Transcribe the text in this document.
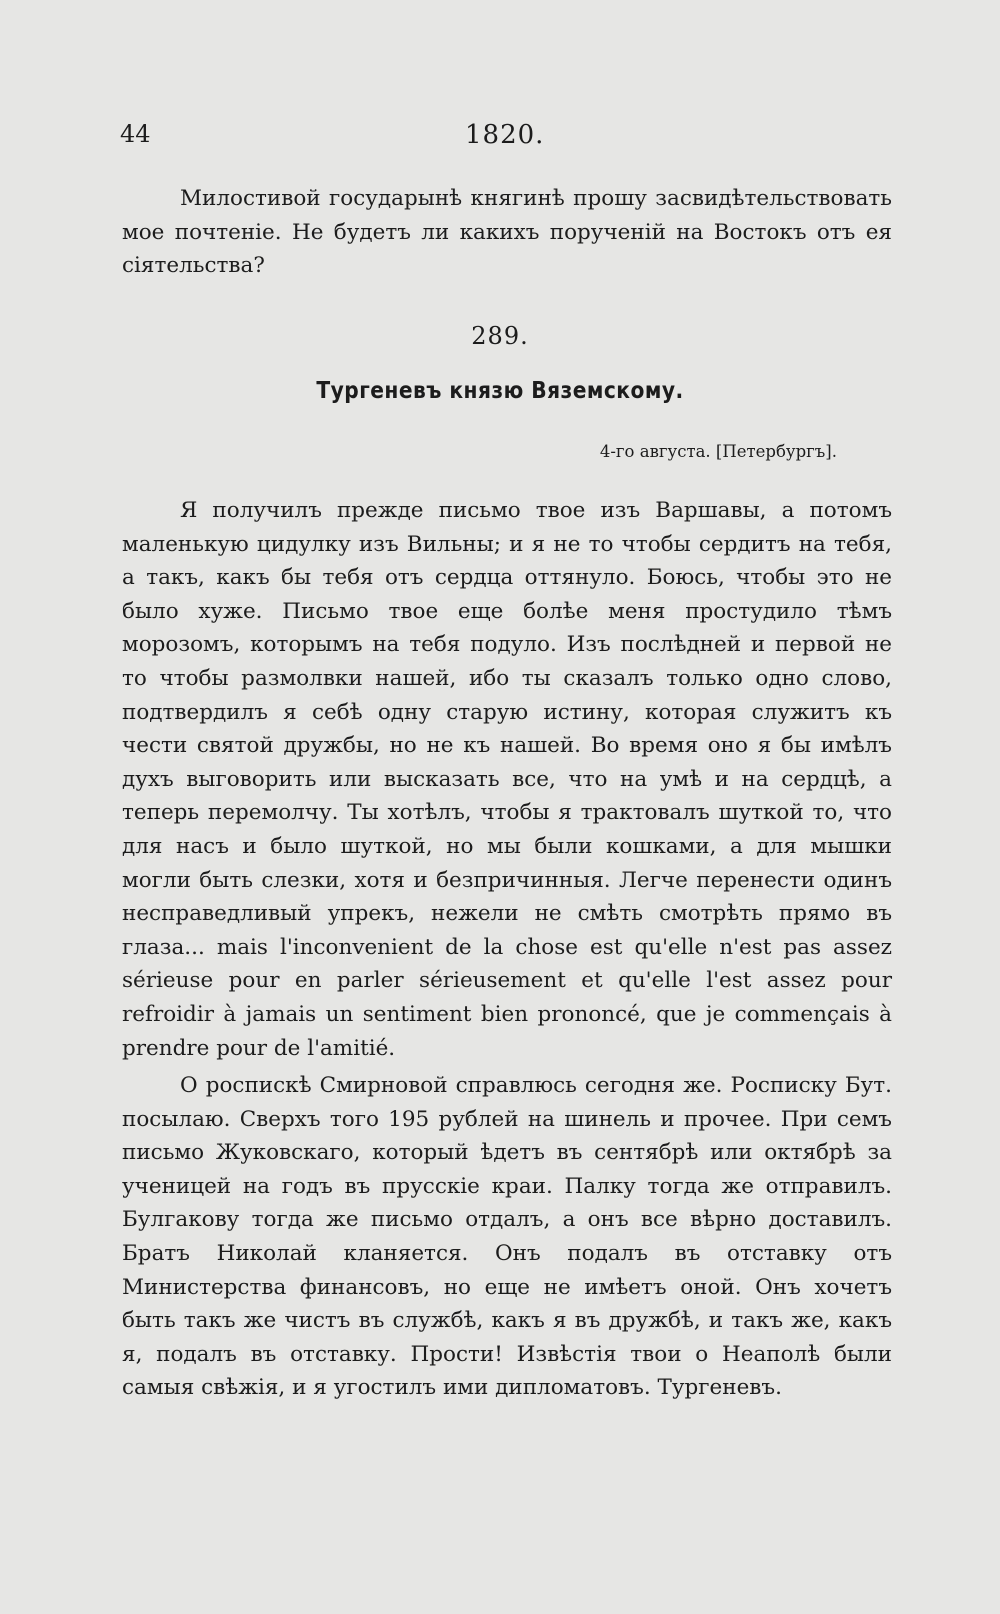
44	1820.

Милостивой государынѣ княгинѣ прошу засвидѣтельствовать мое почтеніе. Не будетъ ли какихъ порученій на Востокъ отъ ея сіятельства?

289.
Тургеневъ князю Вяземскому.
4-го августа. [Петербургъ].

Я получилъ прежде письмо твое изъ Варшавы, а потомъ маленькую цидулку изъ Вильны; и я не то чтобы сердитъ на тебя, а такъ, какъ бы тебя отъ сердца оттянуло. Боюсь, чтобы это не было хуже. Письмо твое еще болѣе меня простудило тѣмъ морозомъ, которымъ на тебя подуло. Изъ послѣдней и первой не то чтобы размолвки нашей, ибо ты сказалъ только одно слово, подтвердилъ я себѣ одну старую истину, которая служитъ къ чести святой дружбы, но не къ нашей. Во время оно я бы имѣлъ духъ выговорить или высказать все, что на умѣ и на сердцѣ, а теперь перемолчу. Ты хотѣлъ, чтобы я трактовалъ шуткой то, что для насъ и было шуткой, но мы были кошками, а для мышки могли быть слезки, хотя и безпричинныя. Легче перенести одинъ несправедливый упрекъ, нежели не смѣть смотрѣть прямо въ глаза... mais l'inconvenient de la chose est qu'elle n'est pas assez sérieuse pour en parler sérieusement et qu'elle l'est assez pour refroidir à jamais un sentiment bien prononcé, que je commençais à prendre pour de l'amitié.

О роспискѣ Смирновой справлюсь сегодня же. Росписку Бут. посылаю. Сверхъ того 195 рублей на шинель и прочее. При семъ письмо Жуковскаго, который ѣдетъ въ сентябрѣ или октябрѣ за ученицей на годъ въ прусскіе краи. Палку тогда же отправилъ. Булгакову тогда же письмо отдалъ, а онъ все вѣрно доставилъ. Братъ Николай кланяется. Онъ подалъ въ отставку отъ Министерства финансовъ, но еще не имѣетъ оной. Онъ хочетъ быть такъ же чистъ въ службѣ, какъ я въ дружбѣ, и такъ же, какъ я, подалъ въ отставку. Прости! Извѣстія твои о Неаполѣ были самыя свѣжія, и я угостилъ ими дипломатовъ. Тургеневъ.
